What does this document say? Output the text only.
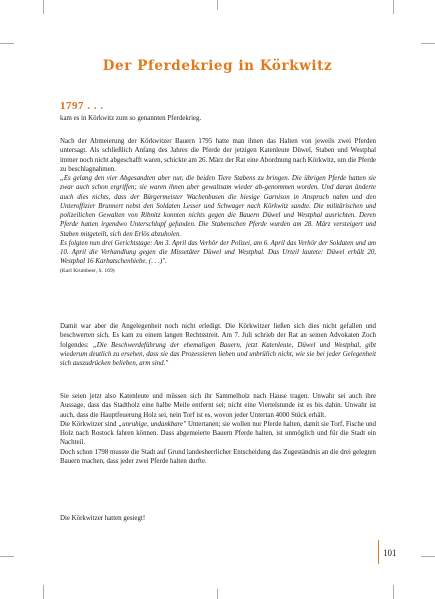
Der Pferdekrieg in Körkwitz
1797 . . .

kam es in Körkwitz zum so genannten Pferdekrieg.

Nach der Abmeierung der Körkwitzer Bauern 1795 hatte man ihnen das Halten von jeweils zwei Pferden untersagt. Als schließlich Anfang des Jahres die Pferde der jetzigen Katenleute Düwel, Staben und Westphal immer noch nicht abgeschafft waren, schickte am 26. März der Rat eine Abordnung nach Körkwitz, um die Pferde zu beschlagnahmen.

„Es gelang den vier Abgesandten aber nur, die beiden Tiere Stabens zu bringen. Die übrigen Pferde hatten sie zwar auch schon ergriffen; sie waren ihnen aber gewaltsam wieder ab-genommen worden. Und daran änderte auch dies nichts, dass der Bürgermeister Wachenbusen die hiesige Garnison in Anspruch nahm und den Unteroffizier Brunnert nebst den Soldaten Lesser und Schwager nach Körkwitz sandte. Die militärischen und polizeilichen Gewalten von Ribnitz konnten nichts gegen die Bauern Düwel und Westphal ausrichten. Deren Pferde hatten irgendwo Unterschlupf gefunden. Die Stabenschen Pferde wurden am 28. März versteigert und Staben mitgeteilt, sich den Erlös abzuholen.

Es folgten nun drei Gerichtstage: Am 3. April das Verhör der Polizei, am 6. April das Verhör der Soldaten und am 10. April die Verhandlung gegen die Missetäter Düwel und Westphal. Das Urteil lautete: Düwel erhält 20, Westphal 16 Karbatschenhiebe. (. . .)".

(Karl Krumbeer, S. 169)

Damit war aber die Angelegenheit noch nicht erledigt. Die Körkwitzer ließen sich dies nicht gefallen und beschwerten sich. Es kam zu einem langen Rechtsstreit. Am 7. Juli schrieb der Rat an seinen Advokaten Zoch folgendes: „Die Beschwerdeführung der ehemaligen Bauern, jetzt Katenleute, Düwel und Westphal, gibt wiederum deutlich zu ersehen, dass sie das Prozessieren lieben und unbrülich nicht, wie sie bei jeder Gelegenheit sich auszudrücken belieben, arm sind."

Sie seien jetzt also Katenleute und müssen sich ihr Sammelholz nach Hause tragen. Unwahr sei auch ihre Aussage, dass das Stadtholz eine halbe Meile entfernt sei; nicht eine Viertelstunde ist es bis dahin. Unwahr ist auch, dass die Hauptfeuerung Holz sei, nein Torf ist es, wovon jeder Untertan 4000 Stück erhält.

Die Körkwitzer sind „unruhige, undankbare" Untertanen; sie wollen nur Pferde halten, damit sie Torf, Fische und Holz nach Rostock fahren können. Dass abgemeierte Bauern Pferde halten, ist unmöglich und für die Stadt ein Nachteil.

Doch schon 1798 musste die Stadt auf Grund landesherrlicher Entscheidung das Zugeständnis an die drei gelegten Bauern machen, dass jeder zwei Pferde halten durfte.

Die Körkwitzer hatten gesiegt!

101
